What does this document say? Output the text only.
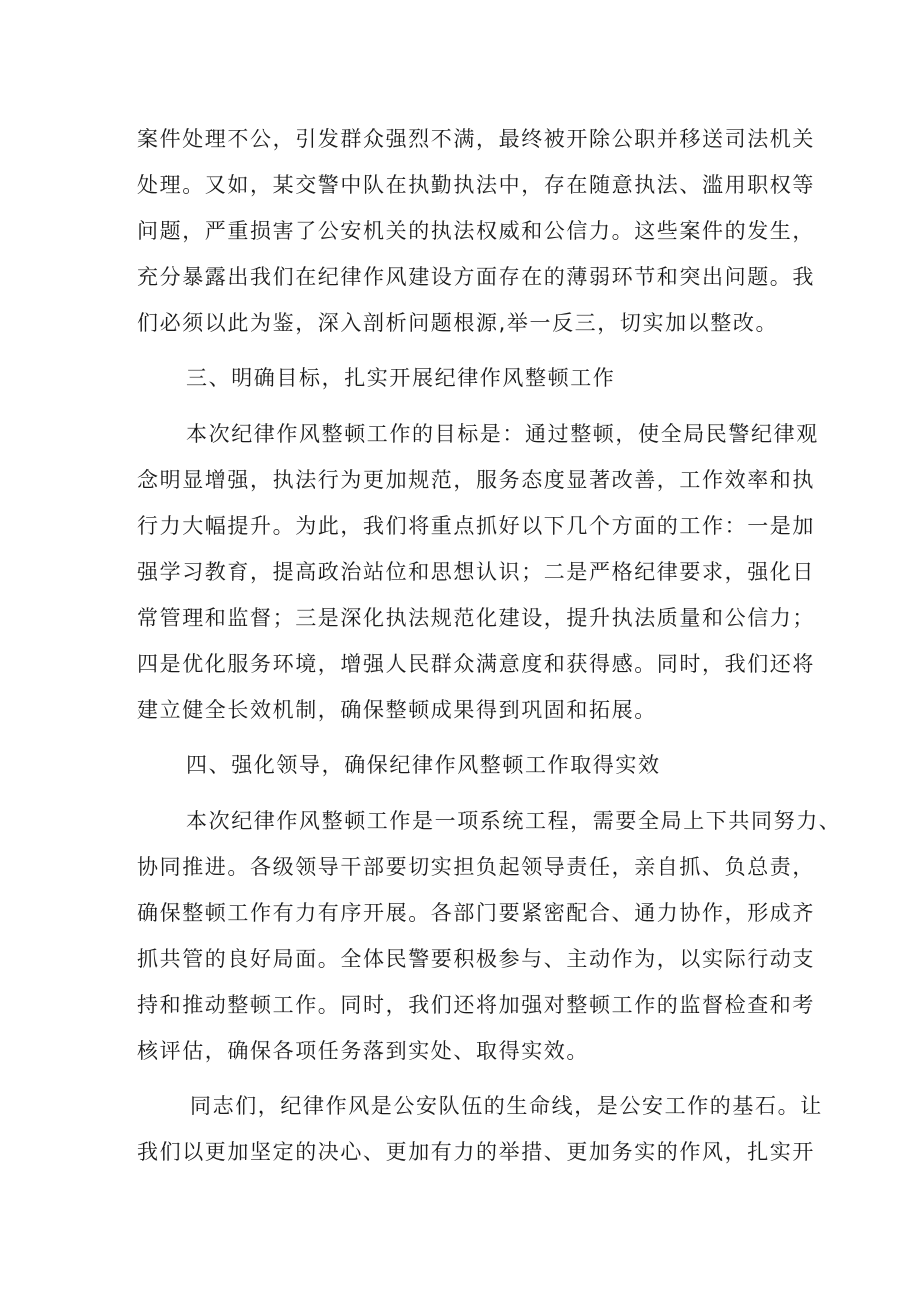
案件处理不公，引发群众强烈不满，最终被开除公职并移送司法机关
处理。又如，某交警中队在执勤执法中，存在随意执法、滥用职权等
问题，严重损害了公安机关的执法权威和公信力。这些案件的发生，
充分暴露出我们在纪律作风建设方面存在的薄弱环节和突出问题。我
们必须以此为鉴，深入剖析问题根源,举一反三，切实加以整改。
三、明确目标，扎实开展纪律作风整顿工作
本次纪律作风整顿工作的目标是：通过整顿，使全局民警纪律观
念明显增强，执法行为更加规范，服务态度显著改善，工作效率和执
行力大幅提升。为此，我们将重点抓好以下几个方面的工作：一是加
强学习教育，提高政治站位和思想认识；二是严格纪律要求，强化日
常管理和监督；三是深化执法规范化建设，提升执法质量和公信力；
四是优化服务环境，增强人民群众满意度和获得感。同时，我们还将
建立健全长效机制，确保整顿成果得到巩固和拓展。
四、强化领导，确保纪律作风整顿工作取得实效
本次纪律作风整顿工作是一项系统工程，需要全局上下共同努力、
协同推进。各级领导干部要切实担负起领导责任，亲自抓、负总责，
确保整顿工作有力有序开展。各部门要紧密配合、通力协作，形成齐
抓共管的良好局面。全体民警要积极参与、主动作为，以实际行动支
持和推动整顿工作。同时，我们还将加强对整顿工作的监督检查和考
核评估，确保各项任务落到实处、取得实效。
同志们，纪律作风是公安队伍的生命线，是公安工作的基石。让
我们以更加坚定的决心、更加有力的举措、更加务实的作风，扎实开
